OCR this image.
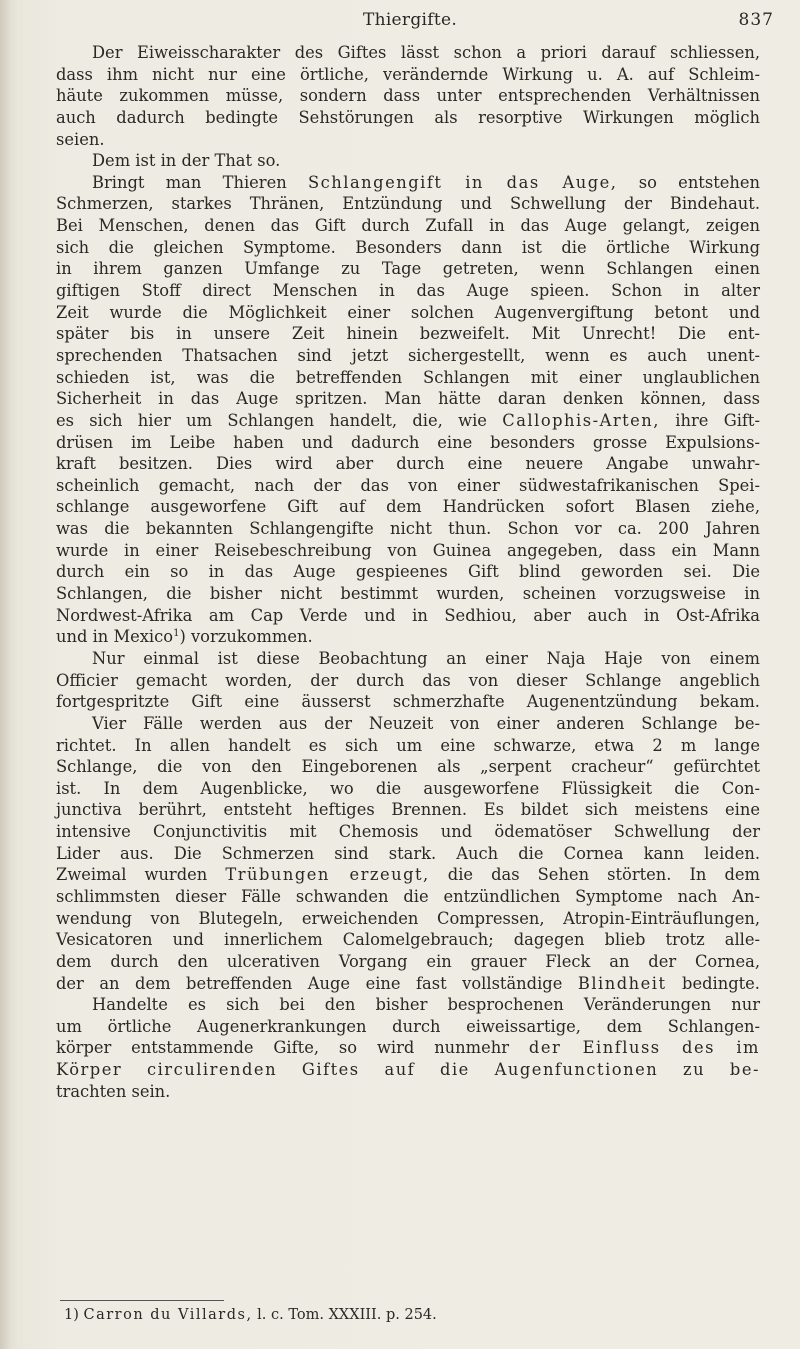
Thiergifte.	837
Der Eiweisscharakter des Giftes lässt schon a priori darauf schliessen,
dass ihm nicht nur eine örtliche, verändernde Wirkung u. A. auf Schleim-
häute zukommen müsse, sondern dass unter entsprechenden Verhältnissen
auch dadurch bedingte Sehstörungen als resorptive Wirkungen möglich
seien.
Dem ist in der That so.
Bringt man Thieren Schlangengift in das Auge, so entstehen
Schmerzen, starkes Thränen, Entzündung und Schwellung der Bindehaut.
Bei Menschen, denen das Gift durch Zufall in das Auge gelangt, zeigen
sich die gleichen Symptome. Besonders dann ist die örtliche Wirkung
in ihrem ganzen Umfange zu Tage getreten, wenn Schlangen einen
giftigen Stoff direct Menschen in das Auge spieen. Schon in alter
Zeit wurde die Möglichkeit einer solchen Augenvergiftung betont und
später bis in unsere Zeit hinein bezweifelt. Mit Unrecht! Die ent-
sprechenden Thatsachen sind jetzt sichergestellt, wenn es auch unent-
schieden ist, was die betreffenden Schlangen mit einer unglaublichen
Sicherheit in das Auge spritzen. Man hätte daran denken können, dass
es sich hier um Schlangen handelt, die, wie Callophis-Arten, ihre Gift-
drüsen im Leibe haben und dadurch eine besonders grosse Expulsions-
kraft besitzen. Dies wird aber durch eine neuere Angabe unwahr-
scheinlich gemacht, nach der das von einer südwestafrikanischen Spei-
schlange ausgeworfene Gift auf dem Handrücken sofort Blasen ziehe,
was die bekannten Schlangengifte nicht thun. Schon vor ca. 200 Jahren
wurde in einer Reisebeschreibung von Guinea angegeben, dass ein Mann
durch ein so in das Auge gespieenes Gift blind geworden sei. Die
Schlangen, die bisher nicht bestimmt wurden, scheinen vorzugsweise in
Nordwest-Afrika am Cap Verde und in Sedhiou, aber auch in Ost-Afrika
und in Mexico$^1$) vorzukommen.
Nur einmal ist diese Beobachtung an einer Naja Haje von einem
Officier gemacht worden, der durch das von dieser Schlange angeblich
fortgespritzte Gift eine äusserst schmerzhafte Augenentzündung bekam.
Vier Fälle werden aus der Neuzeit von einer anderen Schlange be-
richtet. In allen handelt es sich um eine schwarze, etwa 2 m lange
Schlange, die von den Eingeborenen als „serpent cracheur“ gefürchtet
ist. In dem Augenblicke, wo die ausgeworfene Flüssigkeit die Con-
junctiva berührt, entsteht heftiges Brennen. Es bildet sich meistens eine
intensive Conjunctivitis mit Chemosis und ödematöser Schwellung der
Lider aus. Die Schmerzen sind stark. Auch die Cornea kann leiden.
Zweimal wurden Trübungen erzeugt, die das Sehen störten. In dem
schlimmsten dieser Fälle schwanden die entzündlichen Symptome nach An-
wendung von Blutegeln, erweichenden Compressen, Atropin-Einträuflungen,
Vesicatoren und innerlichem Calomelgebrauch; dagegen blieb trotz alle-
dem durch den ulcerativen Vorgang ein grauer Fleck an der Cornea,
der an dem betreffenden Auge eine fast vollständige Blindheit bedingte.
Handelte es sich bei den bisher besprochenen Veränderungen nur
um örtliche Augenerkrankungen durch eiweissartige, dem Schlangen-
körper entstammende Gifte, so wird nunmehr der Einfluss des im
Körper circulirenden Giftes auf die Augenfunctionen zu be-
trachten sein.
1) Carron du Villards, l. c. Tom. XXXIII. p. 254.
